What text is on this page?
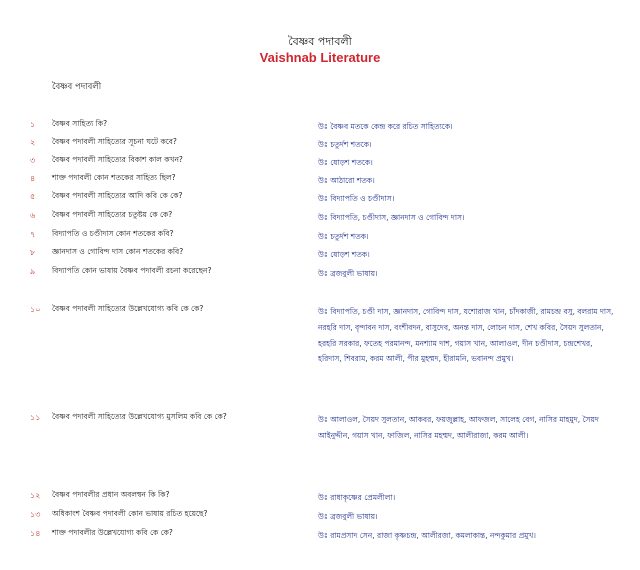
বৈষ্ণব পদাবলী
Vaishnab Literature
বৈষ্ণব পদাবলী
১	বৈষ্ণব সাহিত্য কি?	উঃ বৈষ্ণব মতকে কেন্দ্র করে রচিত সাহিত্যকে।
২	বৈষ্ণব পদাবলী সাহিত্যের সূচনা ঘটে কবে?	উঃ চতুর্দশ শতকে।
৩	বৈষ্ণব পদাবলী সাহিত্যের বিকাশ কাল কখন?	উঃ ষোড়শ শতকে।
৪	শাক্ত পদাবলী কোন শতকের সাহিত্য ছিল?	উঃ আঠারো শতক।
৫	বৈষ্ণব পদাবলী সাহিত্যের আদি কবি কে কে?	উঃ বিদ্যাপতি ও চণ্ডীদাস।
৬	বৈষ্ণব পদাবলী সাহিত্যের চতুষ্টয় কে কে?	উঃ বিদ্যাপতি, চণ্ডীদাস, জ্ঞানদাস ও গোবিন্দ দাস।
৭	বিদ্যাপতি ও চণ্ডীদাস কোন শতকের কবি?	উঃ চতুর্দশ শতক।
৮	জ্ঞানদাস ও গোবিন্দ দাস কোন শতকের কবি?	উঃ ষোড়শ শতক।
৯	বিদ্যাপতি কোন ভাষায় বৈষ্ণব পদাবলী রচনা করেছেন?	উঃ ব্রজবুলী ভাষায়।
১০	বৈষ্ণব পদাবলী সাহিত্যের উল্লেখযোগ্য কবি কে কে?	উঃ বিদ্যাপতি, চণ্ডী দাস, জ্ঞানদাস, গোবিন্দ দাস, যশোরাজ খান, চাঁদকাজী, রামচন্দ্র বসু, বলরাম দাস, নরহরি দাস, বৃন্দাবন দাস, বংশীবদন, বাসুদেব, অনন্ত দাস, লোচন দাস, শেখ কবির, সৈয়দ সুলতান, হরহরি সরকার, ফতেহ পরমানন্দ, মনশ্যাম দাশ, গয়াস খান, আলাওল, দীন চণ্ডীদাস, চন্দ্রশেখর, হরিদাস, শিবরাম, করম আলী, পীর মুহম্মদ, হীরামনি, ভবানন্দ প্রমুখ।
১১	বৈষ্ণব পদাবলী সাহিত্যের উল্লেখযোগ্য মুসলিম কবি কে কে?	উঃ আলাওল, সৈয়দ সুলতান, আকবর, ফয়জুল্লাহ, আফজল, সালেহ বেগ, নাসির মাহমুদ, সৈয়দ আইনুদ্দীন, গয়াস খান, ফাজিল, নাসির মহম্মদ, আলীরাজা, করম আলী।
১২	বৈষ্ণব পদাবলীর প্রধান অবলম্বন কি কি?	উঃ রাধাকৃষ্ণের প্রেমলীলা।
১৩	অধিকাংশ বৈষ্ণব পদাবলী কোন ভাষায় রচিত হয়েছে?	উঃ ব্রজবুলী ভাষায়।
১৪	শাক্ত পদাবলীর উল্লেখযোগ্য কবি কে কে?	উঃ রামপ্রসাদ সেন, রাজা কৃষ্ণচন্দ্র, আলীরজা, কমলাকান্ত, নন্দকুমার প্রমুখ।
